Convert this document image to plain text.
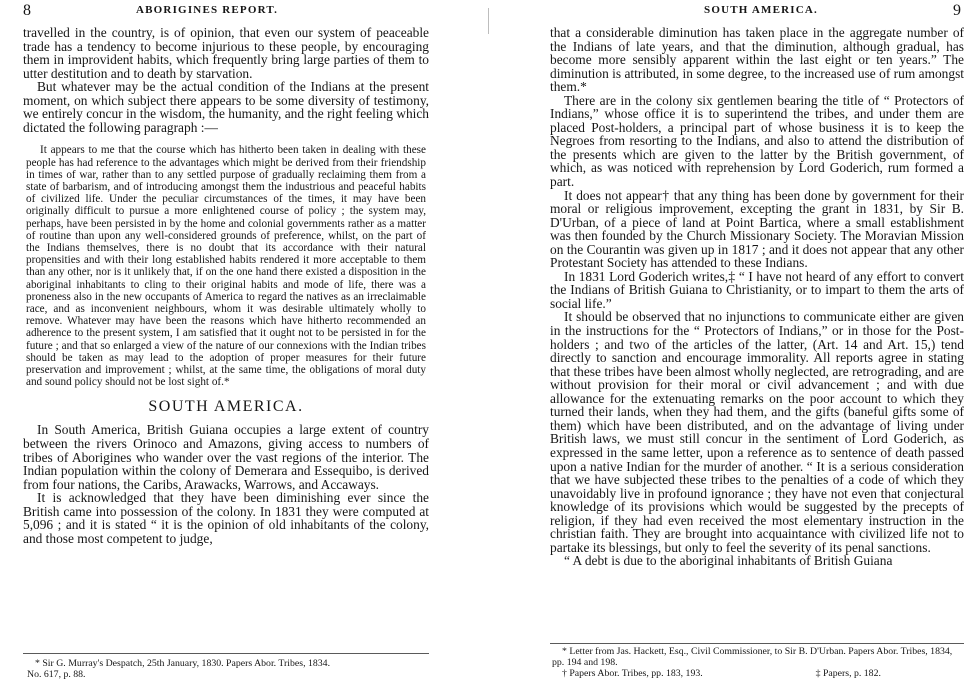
8	ABORIGINES REPORT.

travelled in the country, is of opinion, that even our system of peaceable trade has a tendency to become injurious to these people, by encouraging them in improvident habits, which frequently bring large parties of them to utter destitution and to death by starvation.

But whatever may be the actual condition of the Indians at the present moment, on which subject there appears to be some diversity of testimony, we entirely concur in the wisdom, the humanity, and the right feeling which dictated the following paragraph :—

It appears to me that the course which has hitherto been taken in dealing with these people has had reference to the advantages which might be derived from their friendship in times of war, rather than to any settled purpose of gradually reclaiming them from a state of barbarism, and of introducing amongst them the industrious and peaceful habits of civilized life. Under the peculiar circumstances of the times, it may have been originally difficult to pursue a more enlightened course of policy ; the system may, perhaps, have been persisted in by the home and colonial governments rather as a matter of routine than upon any well-considered grounds of preference, whilst, on the part of the Indians themselves, there is no doubt that its accordance with their natural propensities and with their long established habits rendered it more acceptable to them than any other, nor is it unlikely that, if on the one hand there existed a disposition in the aboriginal inhabitants to cling to their original habits and mode of life, there was a proneness also in the new occupants of America to regard the natives as an irreclaimable race, and as inconvenient neighbours, whom it was desirable ultimately wholly to remove. Whatever may have been the reasons which have hitherto recommended an adherence to the present system, I am satisfied that it ought not to be persisted in for the future ; and that so enlarged a view of the nature of our connexions with the Indian tribes should be taken as may lead to the adoption of proper measures for their future preservation and improvement ; whilst, at the same time, the obligations of moral duty and sound policy should not be lost sight of.*

SOUTH AMERICA.

In South America, British Guiana occupies a large extent of country between the rivers Orinoco and Amazons, giving access to numbers of tribes of Aborigines who wander over the vast regions of the interior. The Indian population within the colony of Demerara and Essequibo, is derived from four nations, the Caribs, Arawacks, Warrows, and Accaways.

It is acknowledged that they have been diminishing ever since the British came into possession of the colony. In 1831 they were computed at 5,096 ; and it is stated “ it is the opinion of old inhabitants of the colony, and those most competent to judge,

* Sir G. Murray's Despatch, 25th January, 1830. Papers Abor. Tribes, 1834.
No. 617, p. 88.
SOUTH AMERICA.	9

that a considerable diminution has taken place in the aggregate number of the Indians of late years, and that the diminution, although gradual, has become more sensibly apparent within the last eight or ten years.” The diminution is attributed, in some degree, to the increased use of rum amongst them.*

There are in the colony six gentlemen bearing the title of “ Protectors of Indians,” whose office it is to superintend the tribes, and under them are placed Post-holders, a principal part of whose business it is to keep the Negroes from resorting to the Indians, and also to attend the distribution of the presents which are given to the latter by the British government, of which, as was noticed with reprehension by Lord Goderich, rum formed a part.

It does not appear† that any thing has been done by government for their moral or religious improvement, excepting the grant in 1831, by Sir B. D'Urban, of a piece of land at Point Bartica, where a small establishment was then founded by the Church Missionary Society. The Moravian Mission on the Courantin was given up in 1817 ; and it does not appear that any other Protestant Society has attended to these Indians.

In 1831 Lord Goderich writes,‡ “ I have not heard of any effort to convert the Indians of British Guiana to Christianity, or to impart to them the arts of social life.”

It should be observed that no injunctions to communicate either are given in the instructions for the “ Protectors of Indians,” or in those for the Post-holders ; and two of the articles of the latter, (Art. 14 and Art. 15,) tend directly to sanction and encourage immorality. All reports agree in stating that these tribes have been almost wholly neglected, are retrograding, and are without provision for their moral or civil advancement ; and with due allowance for the extenuating remarks on the poor account to which they turned their lands, when they had them, and the gifts (baneful gifts some of them) which have been distributed, and on the advantage of living under British laws, we must still concur in the sentiment of Lord Goderich, as expressed in the same letter, upon a reference as to sentence of death passed upon a native Indian for the murder of another. “ It is a serious consideration that we have subjected these tribes to the penalties of a code of which they unavoidably live in profound ignorance ; they have not even that conjectural knowledge of its provisions which would be suggested by the precepts of religion, if they had even received the most elementary instruction in the christian faith. They are brought into acquaintance with civilized life not to partake its blessings, but only to feel the severity of its penal sanctions.

“ A debt is due to the aboriginal inhabitants of British Guiana

* Letter from Jas. Hackett, Esq., Civil Commissioner, to Sir B. D'Urban. Papers Abor. Tribes, 1834, pp. 194 and 198.
† Papers Abor. Tribes, pp. 183, 193.	‡ Papers, p. 182.
